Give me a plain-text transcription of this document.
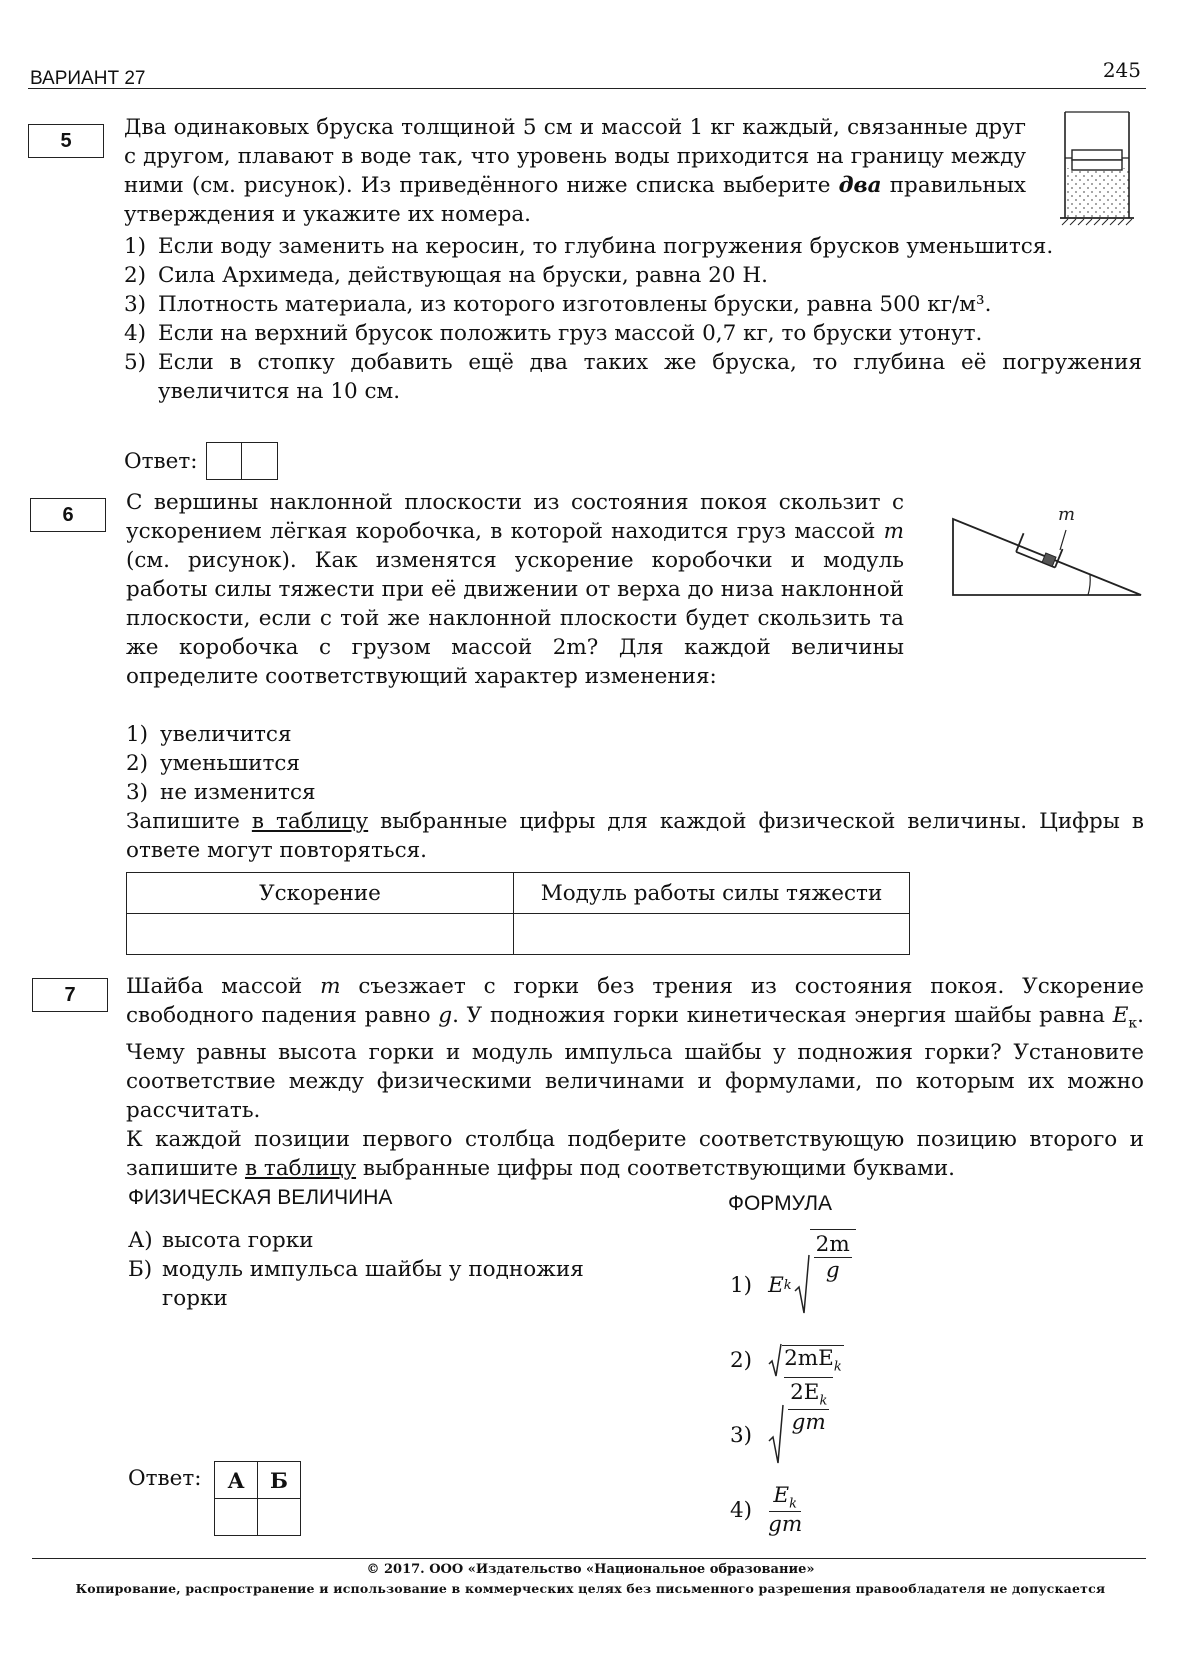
ВАРИАНТ 27	245
5

Два одинаковых бруска толщиной 5 см и массой 1 кг каждый, связанные друг с другом, плавают в воде так, что уровень воды приходится на границу между ними (см. рисунок). Из приведённого ниже списка выберите два правильных утверждения и укажите их номера.

1) Если воду заменить на керосин, то глубина погружения брусков уменьшится.
2) Сила Архимеда, действующая на бруски, равна 20 Н.
3) Плотность материала, из которого изготовлены бруски, равна 500 кг/м³.
4) Если на верхний брусок положить груз массой 0,7 кг, то бруски утонут.
5) Если в стопку добавить ещё два таких же бруска, то глубина её погружения увеличится на 10 см.
Ответ:
6	С вершины наклонной плоскости из состояния покоя скользит с ускорением лёгкая коробочка, в которой находится груз массой m (см. рисунок). Как изменятся ускорение коробочки и модуль работы силы тяжести при её движении от верха до низа наклонной плоскости, если с той же наклонной плоскости будет скользить та же коробочка с грузом массой 2m? Для каждой величины определите соответствующий характер изменения:

m
1) увеличится
2) уменьшится
3) не изменится

Запишите в таблицу выбранные цифры для каждой физической величины. Цифры в ответе могут повторяться.

Ускорение	Модуль работы силы тяжести

7	Шайба массой m съезжает с горки без трения из состояния покоя. Ускорение свободного падения равно g. У подножия горки кинетическая энергия шайбы равна $E_к$. Чему равны высота горки и модуль импульса шайбы у подножия горки? Установите соответствие между физическими величинами и формулами, по которым их можно рассчитать.

К каждой позиции первого столбца подберите соответствующую позицию второго и запишите в таблицу выбранные цифры под соответствующими буквами.

ФИЗИЧЕСКАЯ ВЕЛИЧИНА	ФОРМУЛА
А) высота горки
Б) модуль импульса шайбы у подножия горки
1) E k
2m
g
2) $2mE_k$
3)
$2E_k$
gm
4)
$E_k$
gm
Ответ: А	Б

© 2017. ООО «Издательство «Национальное образование»
Копирование, распространение и использование в коммерческих целях без письменного разрешения правообладателя не допускается
